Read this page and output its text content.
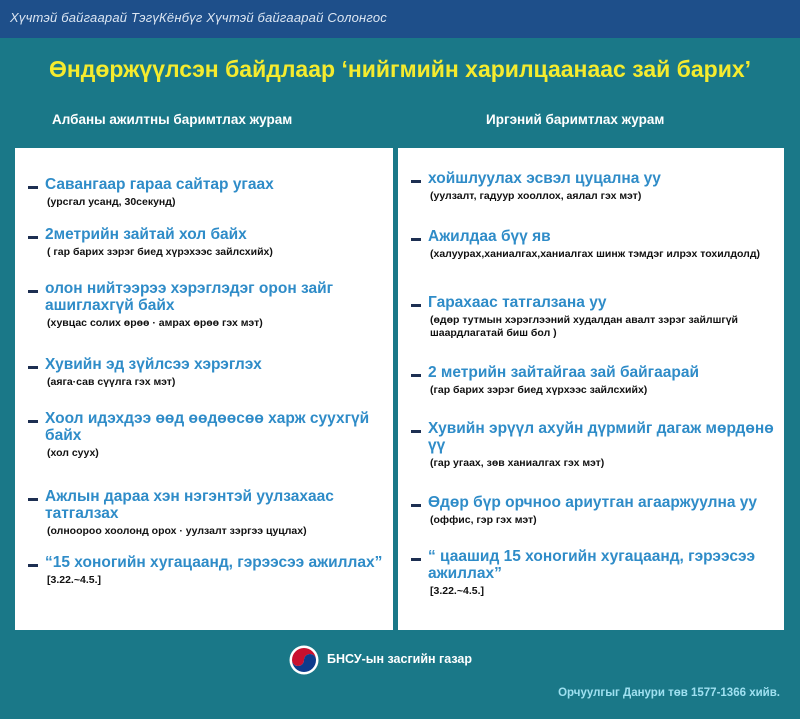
Хүчтэй байгаарай ТэгүКёнбүг Хүчтэй байгаарай Солонгос
Өндөржүүлсэн байдлаар ‘нийгмийн харилцаанаас зай барих’
Албаны ажилтны баримтлах журам	Иргэний баримтлах журам
Савангаар гараа сайтар угаах
(урсгал усанд, 30секунд)
2метрийн зайтай хол байх
( гар барих зэрэг биед хүрэхээс зайлсхийх)
олон нийтээрээ хэрэглэдэг орон зайг ашиглахгүй байх
(хувцас солих өрөө · амрах өрөө гэх мэт)
Хувийн эд зүйлсээ хэрэглэх
(аяга·сав сүүлга гэх мэт)
Хоол идэхдээ өөд өөдөөсөө харж суухгүй байх
(хол суух)
Ажлын дараа хэн нэгэнтэй уулзахаас татгалзах
(олноороо хоолонд орох · уулзалт зэргээ цуцлах)
“15 хоногийн хугацаанд, гэрээсээ ажиллах”
[3.22.~4.5.]
хойшлуулах эсвэл цуцална уу
(уулзалт, гадуур хооллох, аялал гэх мэт)
Ажилдаа бүү яв
(халуурах,ханиалгах,ханиалгах шинж тэмдэг илрэх тохилдолд)
Гарахаас татгалзана уу
(өдөр тутмын хэрэглээний худалдан авалт зэрэг зайлшгүй шаардлагатай биш бол )
2 метрийн зайтайгаа зай байгаарай
(гар барих зэрэг биед хүрхээс зайлсхийх)
Хувийн эрүүл ахуйн дүрмийг дагаж мөрдөнө үү
(гар угаах, зөв ханиалгах гэх мэт)
Өдөр бүр орчноо ариутган агааржуулна уу
(оффис, гэр гэх мэт)
“ цаашид 15 хоногийн хугацаанд, гэрээсээ ажиллах”
[3.22.~4.5.]
БНСУ-ын засгийн газар
Орчуулгыг Данури төв 1577-1366 хийв.
